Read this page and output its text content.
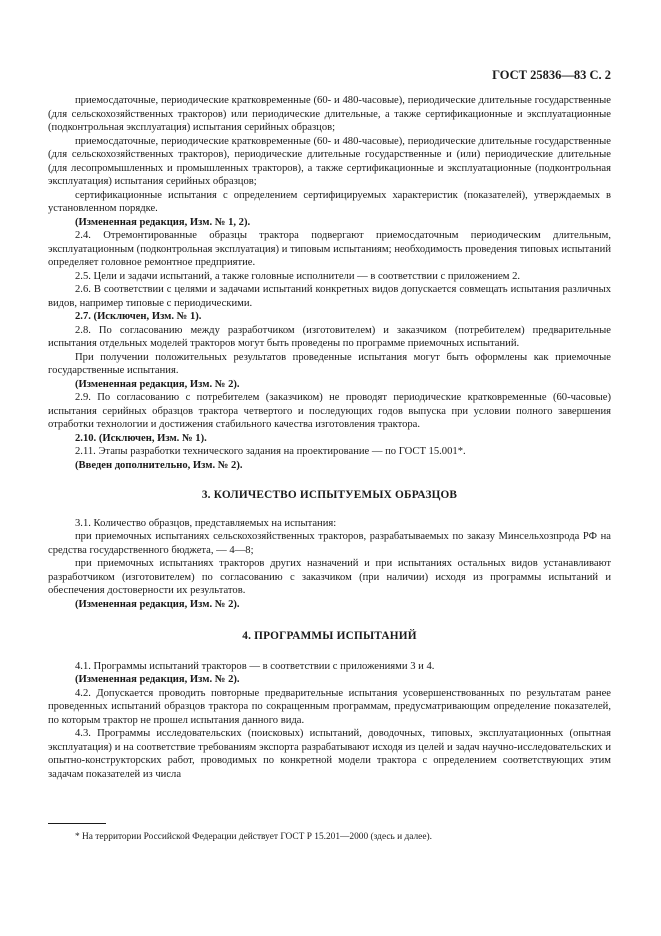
ГОСТ 25836—83 С. 2

приемосдаточные, периодические кратковременные (60- и 480-часовые), периодические длительные государственные (для сельскохозяйственных тракторов) или периодические длительные, а также сертификационные и эксплуатационные (подконтрольная эксплуатация) испытания серийных образцов;

приемосдаточные, периодические кратковременные (60- и 480-часовые), периодические длительные государственные (для сельскохозяйственных тракторов), периодические длительные государственные и (или) периодические длительные (для лесопромышленных и промышленных тракторов), а также сертификационные и эксплуатационные (подконтрольная эксплуатация) испытания серийных образцов;

сертификационные испытания с определением сертифицируемых характеристик (показателей), утверждаемых в установленном порядке.

(Измененная редакция, Изм. № 1, 2).

2.4. Отремонтированные образцы трактора подвергают приемосдаточным периодическим длительным, эксплуатационным (подконтрольная эксплуатация) и типовым испытаниям; необходимость проведения типовых испытаний определяет головное ремонтное предприятие.

2.5. Цели и задачи испытаний, а также головные исполнители — в соответствии с приложением 2.

2.6. В соответствии с целями и задачами испытаний конкретных видов допускается совмещать испытания различных видов, например типовые с периодическими.

2.7. (Исключен, Изм. № 1).

2.8. По согласованию между разработчиком (изготовителем) и заказчиком (потребителем) предварительные испытания отдельных моделей тракторов могут быть проведены по программе приемочных испытаний.

При получении положительных результатов проведенные испытания могут быть оформлены как приемочные государственные испытания.

(Измененная редакция, Изм. № 2).

2.9. По согласованию с потребителем (заказчиком) не проводят периодические кратковременные (60-часовые) испытания серийных образцов трактора четвертого и последующих годов выпуска при условии полного завершения отработки технологии и достижения стабильного качества изготовления трактора.

2.10. (Исключен, Изм. № 1).

2.11. Этапы разработки технического задания на проектирование — по ГОСТ 15.001*.

(Введен дополнительно, Изм. № 2).

3. КОЛИЧЕСТВО ИСПЫТУЕМЫХ ОБРАЗЦОВ

3.1. Количество образцов, представляемых на испытания:

при приемочных испытаниях сельскохозяйственных тракторов, разрабатываемых по заказу Минсельхозпрода РФ на средства государственного бюджета, — 4—8;

при приемочных испытаниях тракторов других назначений и при испытаниях остальных видов устанавливают разработчиком (изготовителем) по согласованию с заказчиком (при наличии) исходя из программы испытаний и обеспечения достоверности их результатов.

(Измененная редакция, Изм. № 2).

4. ПРОГРАММЫ ИСПЫТАНИЙ

4.1. Программы испытаний тракторов — в соответствии с приложениями 3 и 4.

(Измененная редакция, Изм. № 2).

4.2. Допускается проводить повторные предварительные испытания усовершенствованных по результатам ранее проведенных испытаний образцов трактора по сокращенным программам, предусматривающим определение показателей, по которым трактор не прошел испытания данного вида.

4.3. Программы исследовательских (поисковых) испытаний, доводочных, типовых, эксплуатационных (опытная эксплуатация) и на соответствие требованиям экспорта разрабатывают исходя из целей и задач научно-исследовательских и опытно-конструкторских работ, проводимых по конкретной модели трактора с определением соответствующих этим задачам показателей из числа

* На территории Российской Федерации действует ГОСТ Р 15.201—2000 (здесь и далее).
